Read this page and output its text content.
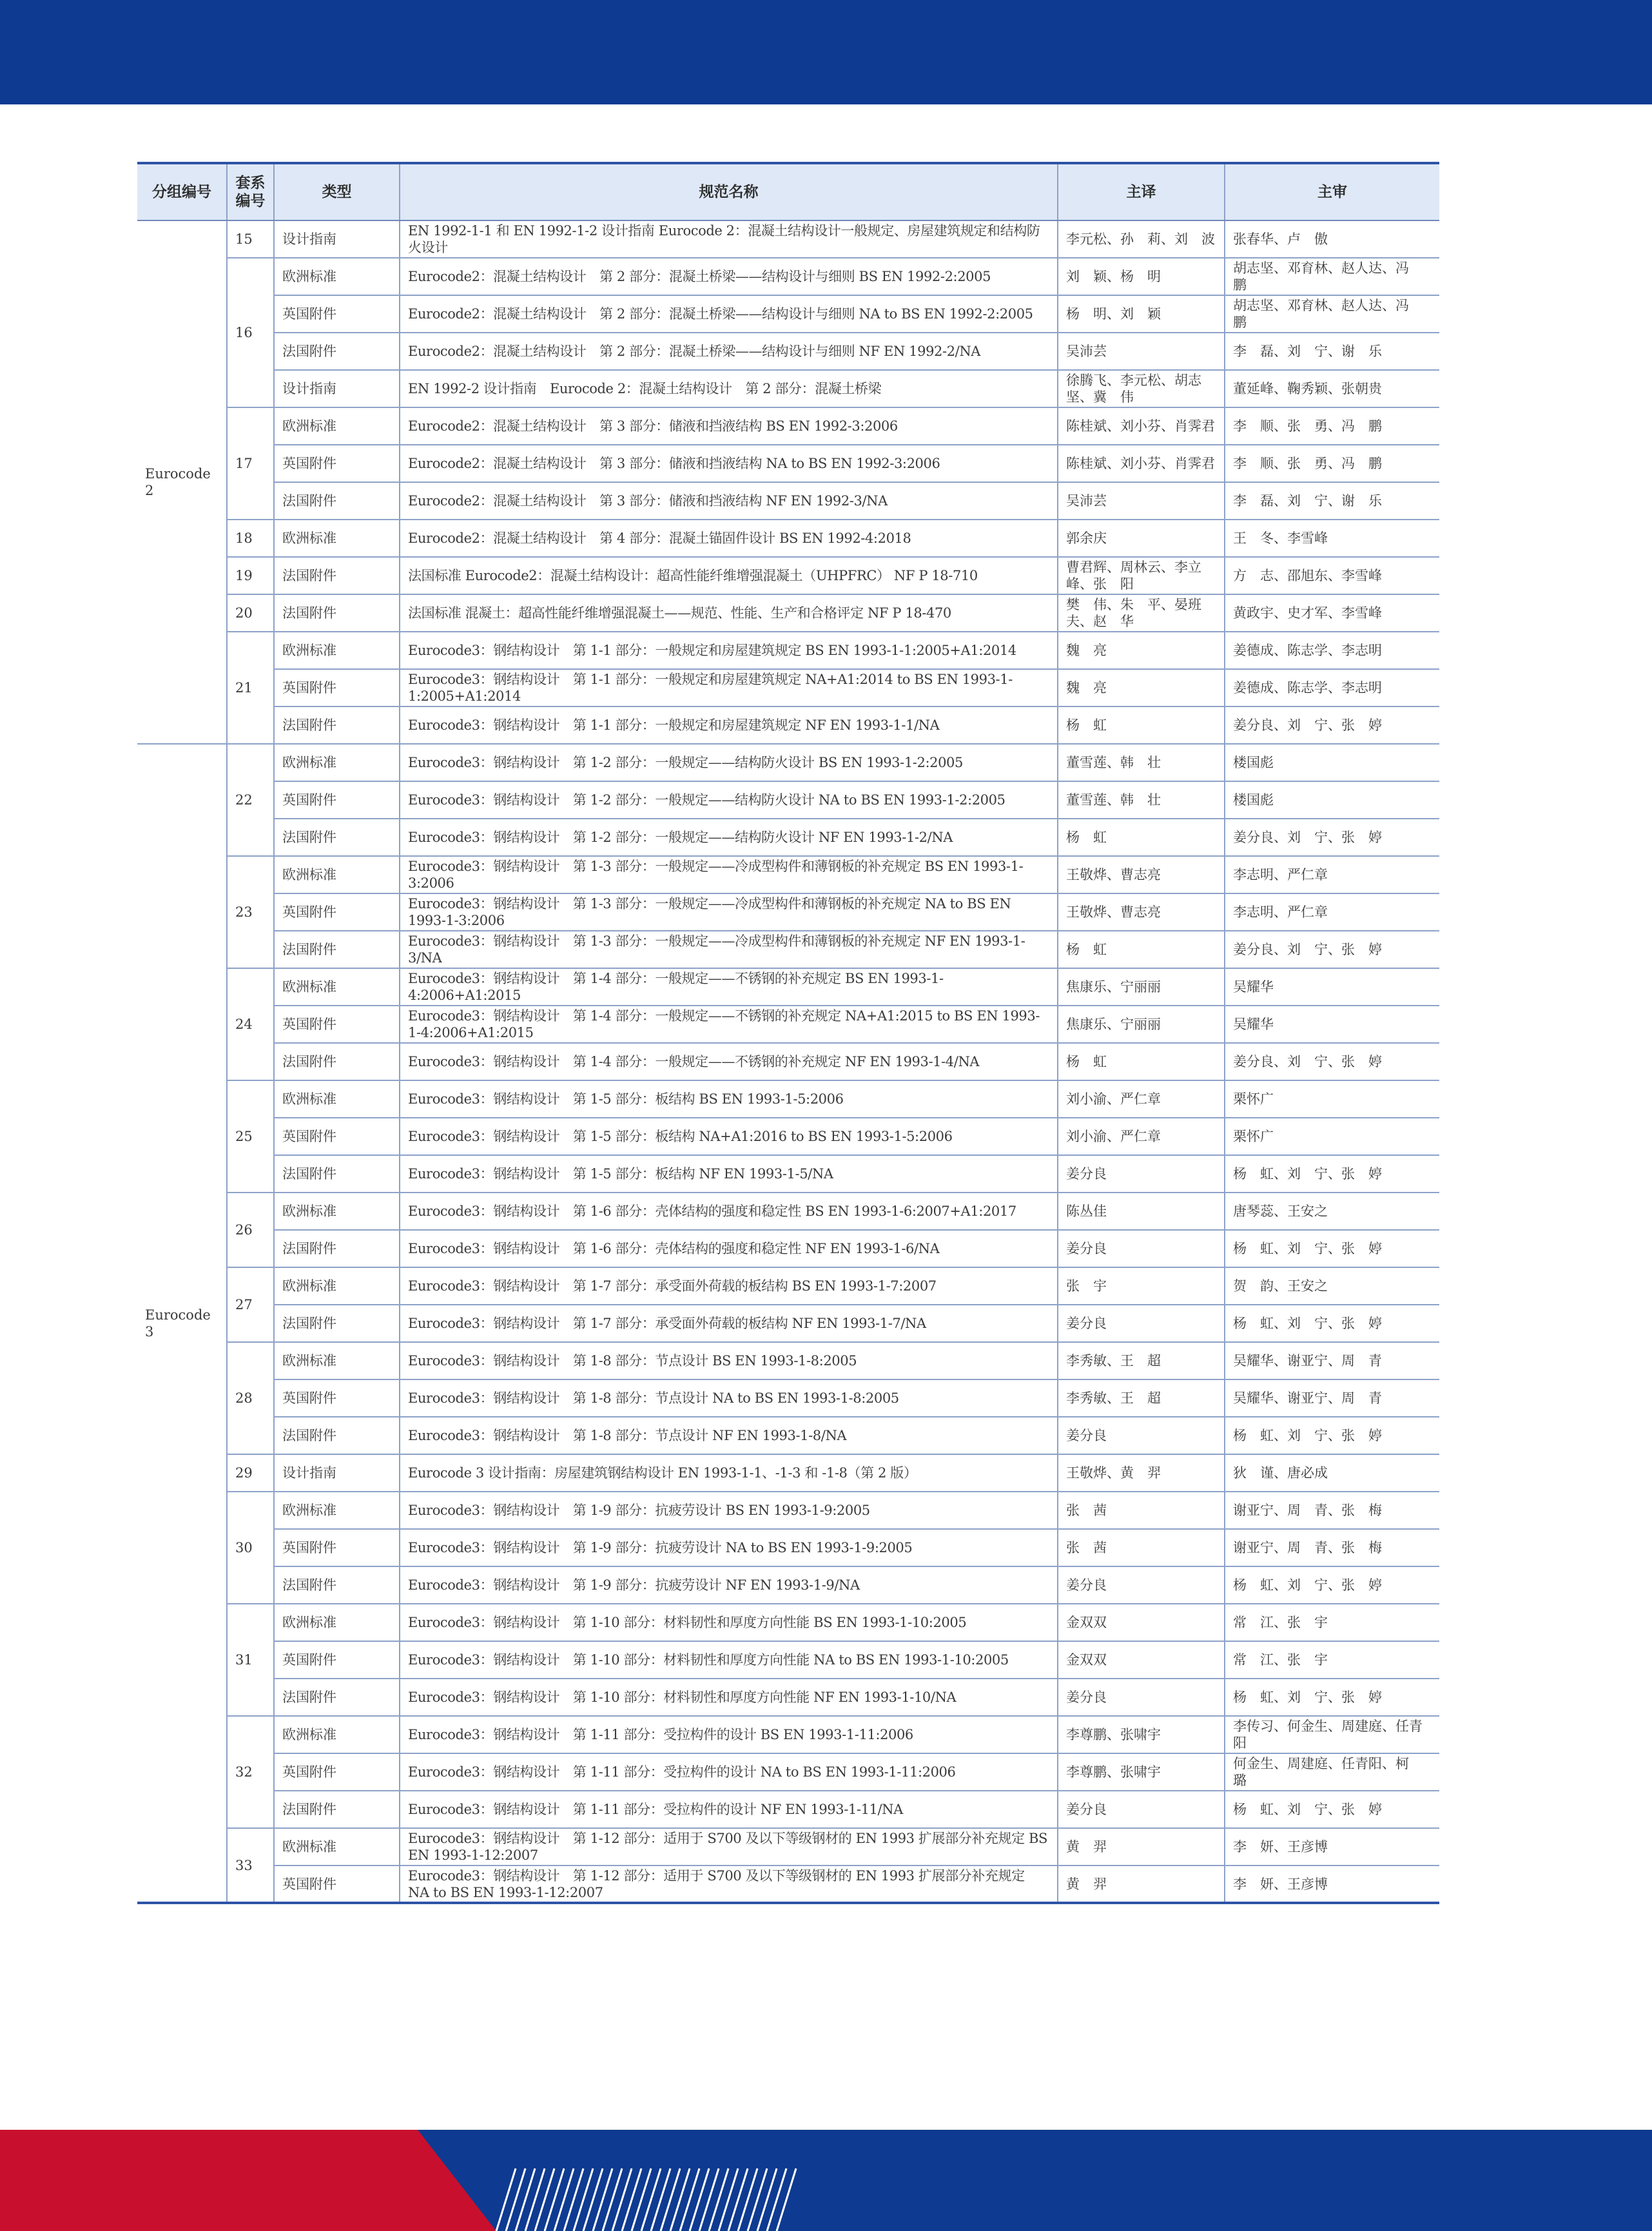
分组编号	套系编号	类型	规范名称	主译	主审
Eurocode 2	15	设计指南	EN 1992-1-1 和 EN 1992-1-2 设计指南 Eurocode 2：混凝土结构设计一般规定、房屋建筑规定和结构防火设计	李元松、孙　莉、刘　波	张春华、卢　傲
	16	欧洲标准	Eurocode2：混凝土结构设计　第 2 部分：混凝土桥梁——结构设计与细则 BS EN 1992-2:2005	刘　颖、杨　明	胡志坚、邓育林、赵人达、冯　鹏
		英国附件	Eurocode2：混凝土结构设计　第 2 部分：混凝土桥梁——结构设计与细则 NA to BS EN 1992-2:2005	杨　明、刘　颖	胡志坚、邓育林、赵人达、冯　鹏
		法国附件	Eurocode2：混凝土结构设计　第 2 部分：混凝土桥梁——结构设计与细则 NF EN 1992-2/NA	吴沛芸	李　磊、刘　宁、谢　乐
		设计指南	EN 1992-2 设计指南　Eurocode 2：混凝土结构设计　第 2 部分：混凝土桥梁	徐腾飞、李元松、胡志坚、冀　伟	董延峰、鞠秀颖、张朝贵
	17	欧洲标准	Eurocode2：混凝土结构设计　第 3 部分：储液和挡液结构 BS EN 1992-3:2006	陈桂斌、刘小芬、肖霁君	李　顺、张　勇、冯　鹏
		英国附件	Eurocode2：混凝土结构设计　第 3 部分：储液和挡液结构 NA to BS EN 1992-3:2006	陈桂斌、刘小芬、肖霁君	李　顺、张　勇、冯　鹏
		法国附件	Eurocode2：混凝土结构设计　第 3 部分：储液和挡液结构 NF EN 1992-3/NA	吴沛芸	李　磊、刘　宁、谢　乐
	18	欧洲标准	Eurocode2：混凝土结构设计　第 4 部分：混凝土锚固件设计 BS EN 1992-4:2018	郭余庆	王　冬、李雪峰
	19	法国附件	法国标准 Eurocode2：混凝土结构设计：超高性能纤维增强混凝土（UHPFRC） NF P 18-710	曹君辉、周林云、李立峰、张　阳	方　志、邵旭东、李雪峰
	20	法国附件	法国标准 混凝土：超高性能纤维增强混凝土——规范、性能、生产和合格评定 NF P 18-470	樊　伟、朱　平、晏班夫、赵　华	黄政宇、史才军、李雪峰
	21	欧洲标准	Eurocode3：钢结构设计　第 1-1 部分：一般规定和房屋建筑规定 BS EN 1993-1-1:2005+A1:2014	魏　亮	姜德成、陈志学、李志明
		英国附件	Eurocode3：钢结构设计　第 1-1 部分：一般规定和房屋建筑规定 NA+A1:2014 to BS EN 1993-1-1:2005+A1:2014	魏　亮	姜德成、陈志学、李志明
		法国附件	Eurocode3：钢结构设计　第 1-1 部分：一般规定和房屋建筑规定 NF EN 1993-1-1/NA	杨　虹	姜分良、刘　宁、张　婷
Eurocode 3	22	欧洲标准	Eurocode3：钢结构设计　第 1-2 部分：一般规定——结构防火设计 BS EN 1993-1-2:2005	董雪莲、韩　壮	楼国彪
		英国附件	Eurocode3：钢结构设计　第 1-2 部分：一般规定——结构防火设计 NA to BS EN 1993-1-2:2005	董雪莲、韩　壮	楼国彪
		法国附件	Eurocode3：钢结构设计　第 1-2 部分：一般规定——结构防火设计 NF EN 1993-1-2/NA	杨　虹	姜分良、刘　宁、张　婷
	23	欧洲标准	Eurocode3：钢结构设计　第 1-3 部分：一般规定——冷成型构件和薄钢板的补充规定 BS EN 1993-1-3:2006	王敬烨、曹志亮	李志明、严仁章
		英国附件	Eurocode3：钢结构设计　第 1-3 部分：一般规定——冷成型构件和薄钢板的补充规定 NA to BS EN 1993-1-3:2006	王敬烨、曹志亮	李志明、严仁章
		法国附件	Eurocode3：钢结构设计　第 1-3 部分：一般规定——冷成型构件和薄钢板的补充规定 NF EN 1993-1-3/NA	杨　虹	姜分良、刘　宁、张　婷
	24	欧洲标准	Eurocode3：钢结构设计　第 1-4 部分：一般规定——不锈钢的补充规定 BS EN 1993-1-4:2006+A1:2015	焦康乐、宁丽丽	吴耀华
		英国附件	Eurocode3：钢结构设计　第 1-4 部分：一般规定——不锈钢的补充规定 NA+A1:2015 to BS EN 1993-1-4:2006+A1:2015	焦康乐、宁丽丽	吴耀华
		法国附件	Eurocode3：钢结构设计　第 1-4 部分：一般规定——不锈钢的补充规定 NF EN 1993-1-4/NA	杨　虹	姜分良、刘　宁、张　婷
	25	欧洲标准	Eurocode3：钢结构设计　第 1-5 部分：板结构 BS EN 1993-1-5:2006	刘小渝、严仁章	栗怀广
		英国附件	Eurocode3：钢结构设计　第 1-5 部分：板结构 NA+A1:2016 to BS EN 1993-1-5:2006	刘小渝、严仁章	栗怀广
		法国附件	Eurocode3：钢结构设计　第 1-5 部分：板结构 NF EN 1993-1-5/NA	姜分良	杨　虹、刘　宁、张　婷
	26	欧洲标准	Eurocode3：钢结构设计　第 1-6 部分：壳体结构的强度和稳定性 BS EN 1993-1-6:2007+A1:2017	陈丛佳	唐琴蕊、王安之
		法国附件	Eurocode3：钢结构设计　第 1-6 部分：壳体结构的强度和稳定性 NF EN 1993-1-6/NA	姜分良	杨　虹、刘　宁、张　婷
	27	欧洲标准	Eurocode3：钢结构设计　第 1-7 部分：承受面外荷载的板结构 BS EN 1993-1-7:2007	张　宇	贺　韵、王安之
		法国附件	Eurocode3：钢结构设计　第 1-7 部分：承受面外荷载的板结构 NF EN 1993-1-7/NA	姜分良	杨　虹、刘　宁、张　婷
	28	欧洲标准	Eurocode3：钢结构设计　第 1-8 部分：节点设计 BS EN 1993-1-8:2005	李秀敏、王　超	吴耀华、谢亚宁、周　青
		英国附件	Eurocode3：钢结构设计　第 1-8 部分：节点设计 NA to BS EN 1993-1-8:2005	李秀敏、王　超	吴耀华、谢亚宁、周　青
		法国附件	Eurocode3：钢结构设计　第 1-8 部分：节点设计 NF EN 1993-1-8/NA	姜分良	杨　虹、刘　宁、张　婷
	29	设计指南	Eurocode 3 设计指南：房屋建筑钢结构设计 EN 1993-1-1、-1-3 和 -1-8（第 2 版）	王敬烨、黄　羿	狄　谨、唐必成
	30	欧洲标准	Eurocode3：钢结构设计　第 1-9 部分：抗疲劳设计 BS EN 1993-1-9:2005	张　茜	谢亚宁、周　青、张　梅
		英国附件	Eurocode3：钢结构设计　第 1-9 部分：抗疲劳设计 NA to BS EN 1993-1-9:2005	张　茜	谢亚宁、周　青、张　梅
		法国附件	Eurocode3：钢结构设计　第 1-9 部分：抗疲劳设计 NF EN 1993-1-9/NA	姜分良	杨　虹、刘　宁、张　婷
	31	欧洲标准	Eurocode3：钢结构设计　第 1-10 部分：材料韧性和厚度方向性能 BS EN 1993-1-10:2005	金双双	常　江、张　宇
		英国附件	Eurocode3：钢结构设计　第 1-10 部分：材料韧性和厚度方向性能 NA to BS EN 1993-1-10:2005	金双双	常　江、张　宇
		法国附件	Eurocode3：钢结构设计　第 1-10 部分：材料韧性和厚度方向性能 NF EN 1993-1-10/NA	姜分良	杨　虹、刘　宁、张　婷
	32	欧洲标准	Eurocode3：钢结构设计　第 1-11 部分：受拉构件的设计 BS EN 1993-1-11:2006	李尊鹏、张啸宇	李传习、何金生、周建庭、任青阳
		英国附件	Eurocode3：钢结构设计　第 1-11 部分：受拉构件的设计 NA to BS EN 1993-1-11:2006	李尊鹏、张啸宇	何金生、周建庭、任青阳、柯　璐
		法国附件	Eurocode3：钢结构设计　第 1-11 部分：受拉构件的设计 NF EN 1993-1-11/NA	姜分良	杨　虹、刘　宁、张　婷
	33	欧洲标准	Eurocode3：钢结构设计　第 1-12 部分：适用于 S700 及以下等级钢材的 EN 1993 扩展部分补充规定 BS EN 1993-1-12:2007	黄　羿	李　妍、王彦博
		英国附件	Eurocode3：钢结构设计　第 1-12 部分：适用于 S700 及以下等级钢材的 EN 1993 扩展部分补充规定 NA to BS EN 1993-1-12:2007	黄　羿	李　妍、王彦博
